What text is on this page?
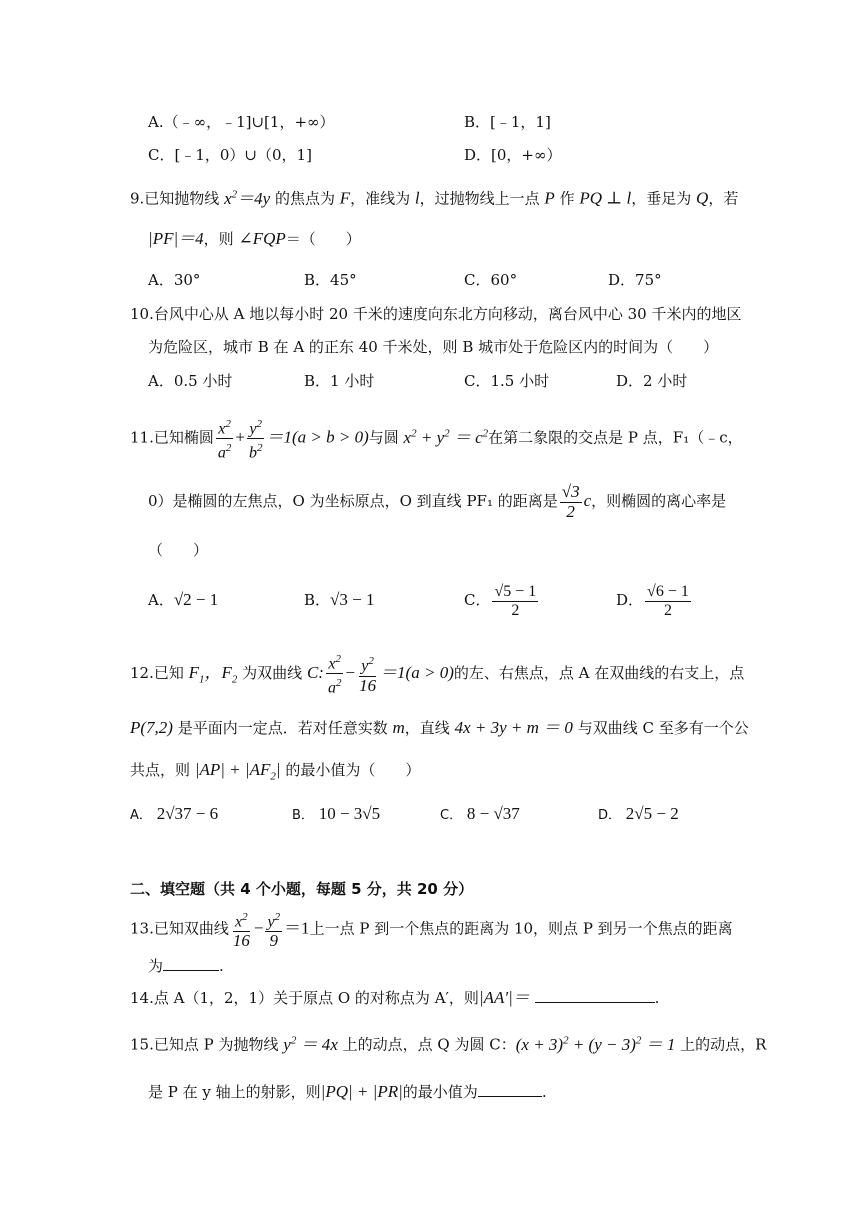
A.（﹣∞，﹣1]∪[1，+∞）	B．[﹣1，1]
C．[﹣1，0）∪（0，1]	D．[0，+∞）
9.已知抛物线 $x^2=4y$ 的焦点为 F，准线为 l，过抛物线上一点 P 作 PQ ⊥ l，垂足为 Q，若
|PF|＝4，则 ∠FQP＝（　　）
A．30°	B．45°	C．60°	D．75°
10.台风中心从 A 地以每小时 20 千米的速度向东北方向移动，离台风中心 30 千米内的地区
为危险区，城市 B 在 A 的正东 40 千米处，则 B 城市处于危险区内的时间为（　　）
A．0.5 小时	B．1 小时	C．1.5 小时	D．2 小时
11.已知椭圆 $\frac{x^2}{a^2} + \frac{y^2}{b^2} =1(a > b > 0)$与圆 $x^2 + y^2 = c^2$在第二象限的交点是 P 点，F₁（﹣c，
0）是椭圆的左焦点，O 为坐标原点，O 到直线 PF₁ 的距离是 $\frac{√3}{2}$ c，则椭圆的离心率是
（　　）
A．√2 − 1	B．√3 − 1	C． $\frac{√5 - 1}{2}$	D． $\frac{√6 - 1}{2}$
12.已知 $F_1$，$F_2$ 为双曲线 C: $\frac{x^2}{a^2} - \frac{y^2}{16} =1(a > 0)$的左、右焦点，点 A 在双曲线的右支上，点
P(7,2) 是平面内一定点．若对任意实数 m，直线 4x + 3y + m ＝ 0 与双曲线 C 至多有一个公
共点，则 $|AP| + |AF_2|$ 的最小值为（　　）
A． 2√37 − 6	B． 10 − 3√5	C． 8 − √37	D． 2√5 − 2
二、填空题（共 4 个小题，每题 5 分，共 20 分）
13.已知双曲线 $\frac{x^2}{16} - \frac{y^2}{9} =1$上一点 P 到一个焦点的距离为 10，则点 P 到另一个焦点的距离
为	.
14.点 A（1，2，1）关于原点 O 的对称点为 A′，则|AA′|＝	.
15.已知点 P 为抛物线 $y^2 = 4x$ 上的动点，点 Q 为圆 C：$(x + 3)^2 + (y - 3)^2 = 1$ 上的动点，R
是 P 在 y 轴上的射影，则|PQ| + |PR|的最小值为	.
